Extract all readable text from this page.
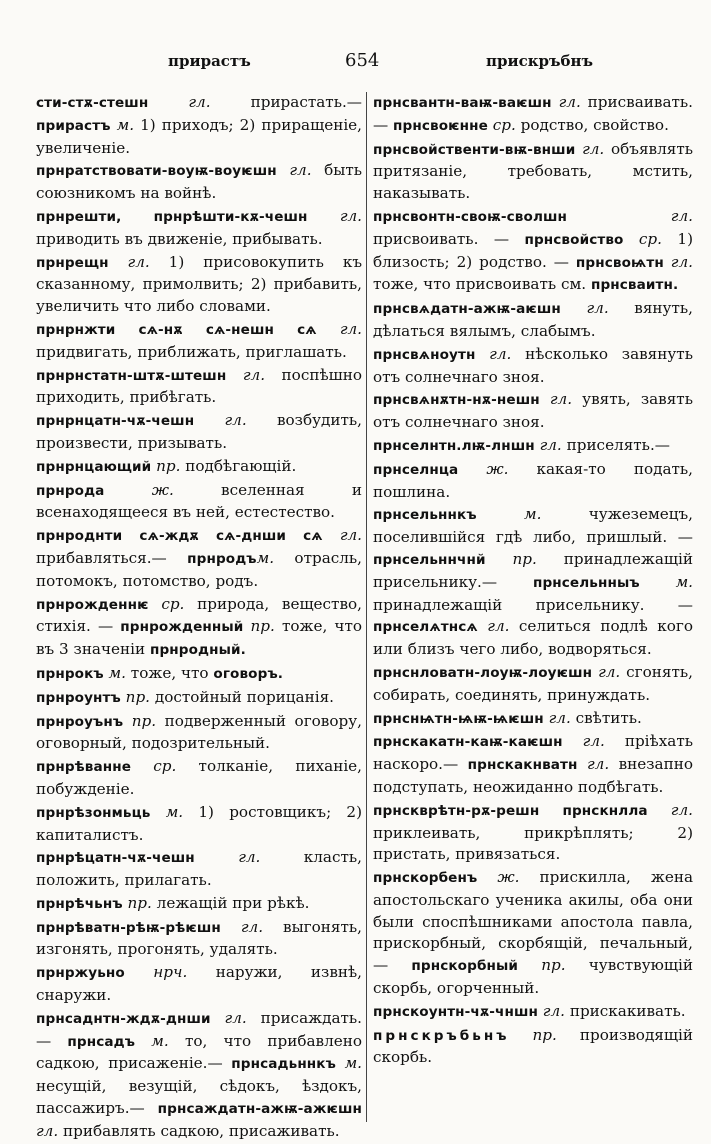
прирастъ	654	прискръбнъ
сти-стѫ-стешн гл. прирастать.— прирастъ м. 1) приходъ; 2) приращеніе, увеличеніе.
прнратствовати-воуѭ-воуѥшн гл. быть союзникомъ на войнѣ.
прнрешти, прнрѣшти-кѫ-чешн гл. приводить въ движеніе, прибывать.
прнрещн гл. 1) присовокупить къ сказанному, примолвить; 2) прибавить, увеличить что либо словами.
прнрнжти сѧ-нѫ сѧ-нешн сѧ гл. придвигать, приближать, приглашать.
прнрнстатн-штѫ-штешн гл. поспѣшно приходить, прибѣгать.
прнрнцатн-чѫ-чешн гл. возбудить, произвести, призывать.
прнрнцающий пр. подбѣгающій.
прнрода ж. вселенная и всенаходящееся въ ней, естестество.
прнроднти сѧ-ждѫ сѧ-днши сѧ гл. прибавляться.— прнродъм. отрасль, потомокъ, потомство, родъ.
прнрожденнѥ ср. природа, вещество, стихія. — прнрожденный пр. тоже, что въ 3 значеніи прнродный.
прнрокъ м. тоже, что оговоръ.
прнроунтъ пр. достойный порицанія.
прнроуънъ пр. подверженный оговору, оговорный, подозрительный.
прнрѣванне ср. толканіе, пиханіе, побужденіе.
прнрѣзонмьць м. 1) ростовщикъ; 2) капиталистъ.
прнрѣцатн-чѫ-чешн гл. класть, положить, прилагать.
прнрѣчьнъ пр. лежащій при рѣкѣ.
прнрѣватн-рѣѭ-рѣѥшн гл. выгонять, изгонять, прогонять, удалять.
прнржуьно нрч. наружи, извнѣ, снаружи.
прнсаднтн-ждѫ-днши гл. присаждать. — прнсадъ м. то, что прибавлено садкою, присаженіе.— прнсадьннкъ м. несущій, везущій, сѣдокъ, ѣздокъ, пассажиръ.— прнсаждатн-ажѭ-ажѥшн гл. прибавлять садкою, присаживать.
прнсвантн-ваѭ-ваѥшн гл. присваивать. — прнсвоѥнне ср. родство, свойство.
прнсвойственти-вѭ-внши гл. объявлять притязаніе, требовать, мстить, наказывать.
прнсвонтн-своѭ-сволшн гл. присвоивать. — прнсвойство ср. 1) близость; 2) родство. — прнсвоѩтн гл. тоже, что присвоивать см. прнсваитн.
прнсвѧдатн-ажѭ-аѥшн гл. вянуть, дѣлаться вялымъ, слабымъ.
прнсвѧноутн гл. нѣсколько завянуть отъ солнечнаго зноя.
прнсвѧнѫтн-нѫ-нешн гл. увять, завять отъ солнечнаго зноя.
прнселнтн.лѭ-лншн гл. приселять.—
прнселнца ж. какая-то подать, пошлина.
прнсельннкъ м. чужеземецъ, поселившійся гдѣ либо, пришлый. — прнсельннчнй пр. принадлежащій присельнику.— прнсельнныъ м. принадлежащій присельнику. — прнселѧтнсѧ гл. селиться подлѣ кого или близъ чего либо, водворяться.
прнснловатн-лоуѭ-лоуѥшн гл. сгонять, собирать, соединять, принуждать.
прнснѩтн-ѩѭ-ѩѥшн гл. свѣтить.
прнскакатн-каѭ-каѥшн гл. пріѣхать наскоро.— прнскакнватн гл. внезапно подступать, неожиданно подбѣгать.
прнскврѣтн-рѫ-решн прнскнлла гл. приклеивать, прикрѣплять; 2) пристать, привязаться.
прнскорбенъ ж. прискилла, жена апостольскаго ученика акилы, оба они были споспѣшниками апостола павла, прискорбный, скорбящій, печальный, — прнскорбный пр. чувствующій скорбь, огорченный.
прнскоунтн-чѫ-чншн гл. прискакивать.
прнскръбьнъ пр. производящій скорбь.
